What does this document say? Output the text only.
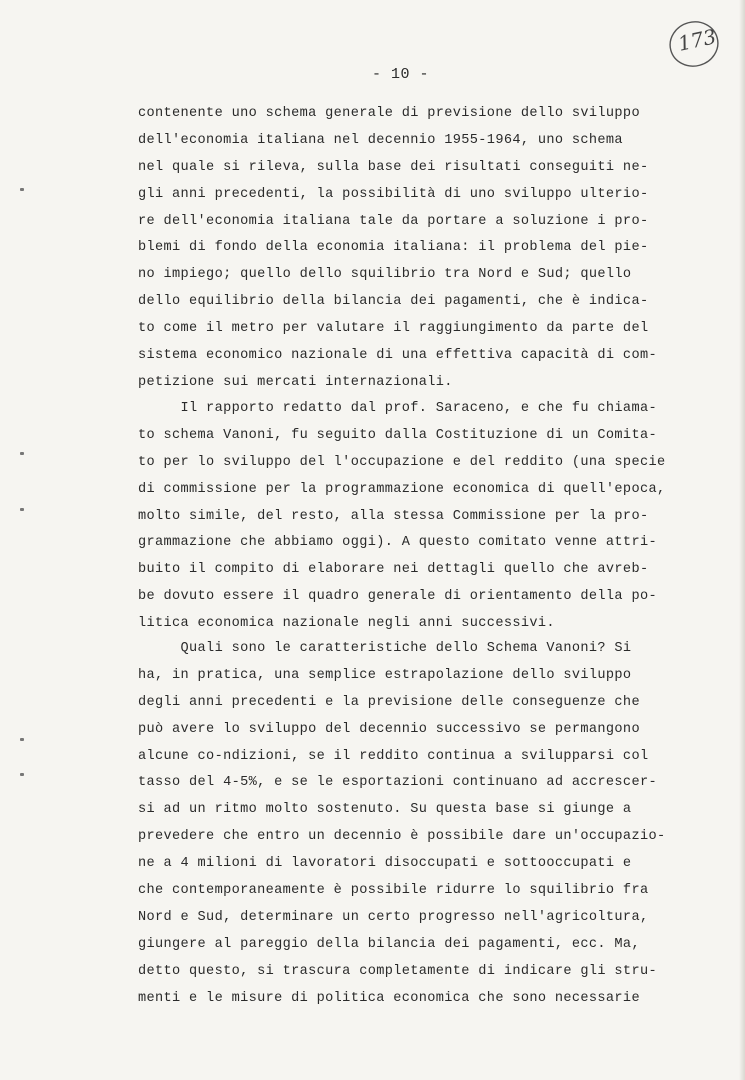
- 10 -
173
contenente uno schema generale di previsione dello sviluppo
dell'economia italiana nel decennio 1955-1964, uno schema
nel quale si rileva, sulla base dei risultati conseguiti ne-
gli anni precedenti, la possibilità di uno sviluppo ulterio-
re dell'economia italiana tale da portare a soluzione i pro-
blemi di fondo della economia italiana: il problema del pie-
no impiego; quello dello squilibrio tra Nord e Sud; quello
dello equilibrio della bilancia dei pagamenti, che è indica-
to come il metro per valutare il raggiungimento da parte del
sistema economico nazionale di una effettiva capacità di com-
petizione sui mercati internazionali.
Il rapporto redatto dal prof. Saraceno, e che fu chiama-
to schema Vanoni, fu seguito dalla Costituzione di un Comita-
to per lo sviluppo del l'occupazione e del reddito (una specie
di commissione per la programmazione economica di quell'epoca,
molto simile, del resto, alla stessa Commissione per la pro-
grammazione che abbiamo oggi). A questo comitato venne attri-
buito il compito di elaborare nei dettagli quello che avreb-
be dovuto essere il quadro generale di orientamento della po-
litica economica nazionale negli anni successivi.
Quali sono le caratteristiche dello Schema Vanoni? Si
ha, in pratica, una semplice estrapolazione dello sviluppo
degli anni precedenti e la previsione delle conseguenze che
può avere lo sviluppo del decennio successivo se permangono
alcune co-ndizioni, se il reddito continua a svilupparsi col
tasso del 4-5%, e se le esportazioni continuano ad accrescer-
si ad un ritmo molto sostenuto. Su questa base si giunge a
prevedere che entro un decennio è possibile dare un'occupazio-
ne a 4 milioni di lavoratori disoccupati e sottooccupati e
che contemporaneamente è possibile ridurre lo squilibrio fra
Nord e Sud, determinare un certo progresso nell'agricoltura,
giungere al pareggio della bilancia dei pagamenti, ecc. Ma,
detto questo, si trascura completamente di indicare gli stru-
menti e le misure di politica economica che sono necessarie
